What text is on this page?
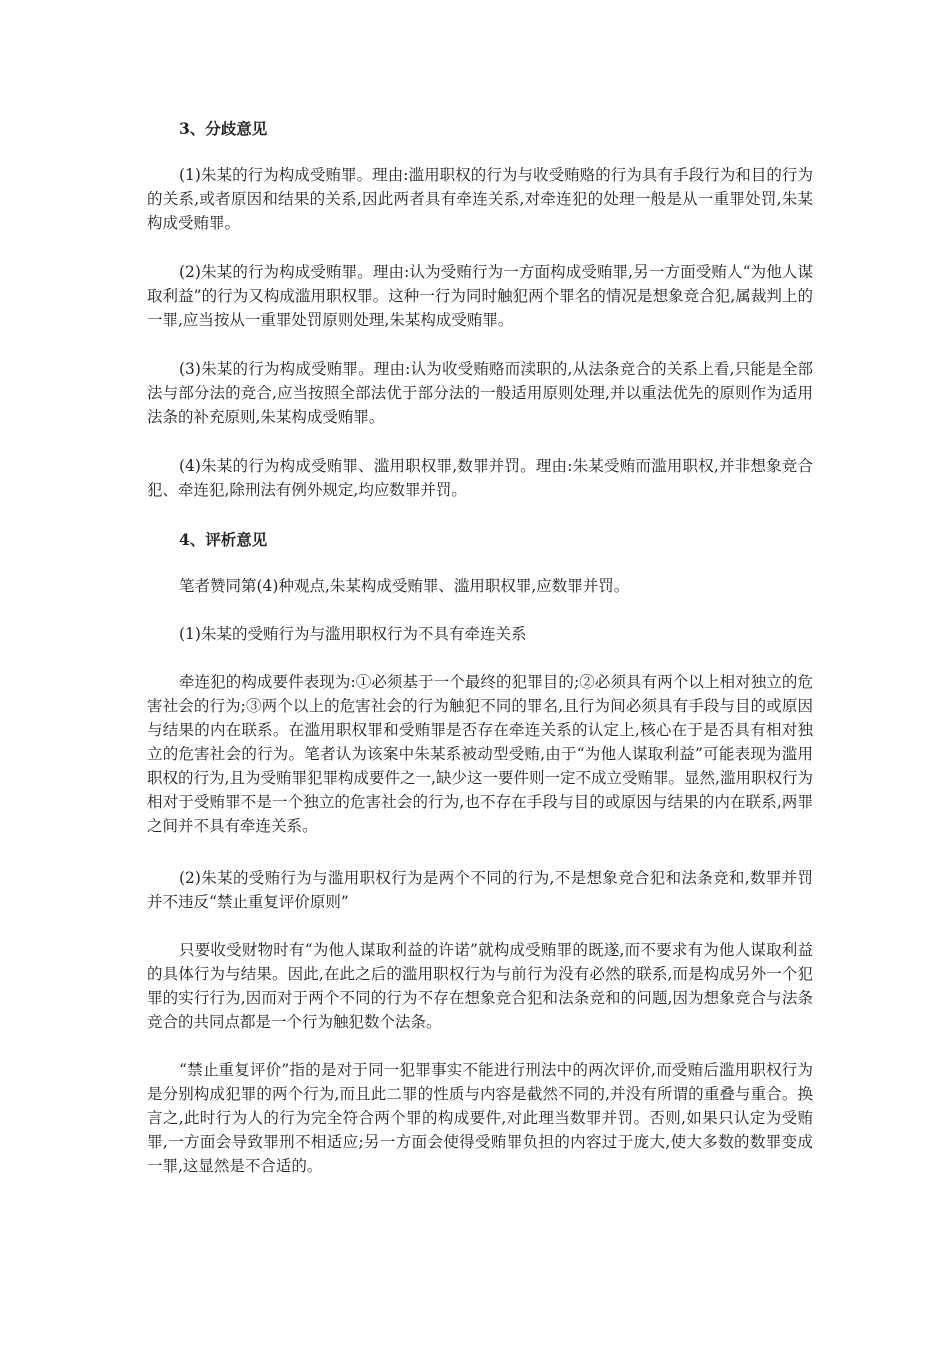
3、分歧意见

(1)朱某的行为构成受贿罪。理由:滥用职权的行为与收受贿赂的行为具有手段行为和目的行为的关系,或者原因和结果的关系,因此两者具有牵连关系,对牵连犯的处理一般是从一重罪处罚,朱某构成受贿罪。

(2)朱某的行为构成受贿罪。理由:认为受贿行为一方面构成受贿罪,另一方面受贿人“为他人谋取利益”的行为又构成滥用职权罪。这种一行为同时触犯两个罪名的情况是想象竞合犯,属裁判上的一罪,应当按从一重罪处罚原则处理,朱某构成受贿罪。

(3)朱某的行为构成受贿罪。理由:认为收受贿赂而渎职的,从法条竞合的关系上看,只能是全部法与部分法的竞合,应当按照全部法优于部分法的一般适用原则处理,并以重法优先的原则作为适用法条的补充原则,朱某构成受贿罪。

(4)朱某的行为构成受贿罪、滥用职权罪,数罪并罚。理由:朱某受贿而滥用职权,并非想象竞合犯、牵连犯,除刑法有例外规定,均应数罪并罚。

4、评析意见

笔者赞同第(4)种观点,朱某构成受贿罪、滥用职权罪,应数罪并罚。

(1)朱某的受贿行为与滥用职权行为不具有牵连关系

牵连犯的构成要件表现为:①必须基于一个最终的犯罪目的;②必须具有两个以上相对独立的危害社会的行为;③两个以上的危害社会的行为触犯不同的罪名,且行为间必须具有手段与目的或原因与结果的内在联系。在滥用职权罪和受贿罪是否存在牵连关系的认定上,核心在于是否具有相对独立的危害社会的行为。笔者认为该案中朱某系被动型受贿,由于“为他人谋取利益”可能表现为滥用职权的行为,且为受贿罪犯罪构成要件之一,缺少这一要件则一定不成立受贿罪。显然,滥用职权行为相对于受贿罪不是一个独立的危害社会的行为,也不存在手段与目的或原因与结果的内在联系,两罪之间并不具有牵连关系。

(2)朱某的受贿行为与滥用职权行为是两个不同的行为,不是想象竞合犯和法条竞和,数罪并罚并不违反“禁止重复评价原则”

只要收受财物时有“为他人谋取利益的许诺”就构成受贿罪的既遂,而不要求有为他人谋取利益的具体行为与结果。因此,在此之后的滥用职权行为与前行为没有必然的联系,而是构成另外一个犯罪的实行行为,因而对于两个不同的行为不存在想象竞合犯和法条竞和的问题,因为想象竞合与法条竞合的共同点都是一个行为触犯数个法条。

“禁止重复评价”指的是对于同一犯罪事实不能进行刑法中的两次评价,而受贿后滥用职权行为是分别构成犯罪的两个行为,而且此二罪的性质与内容是截然不同的,并没有所谓的重叠与重合。换言之,此时行为人的行为完全符合两个罪的构成要件,对此理当数罪并罚。否则,如果只认定为受贿罪,一方面会导致罪刑不相适应;另一方面会使得受贿罪负担的内容过于庞大,使大多数的数罪变成一罪,这显然是不合适的。
